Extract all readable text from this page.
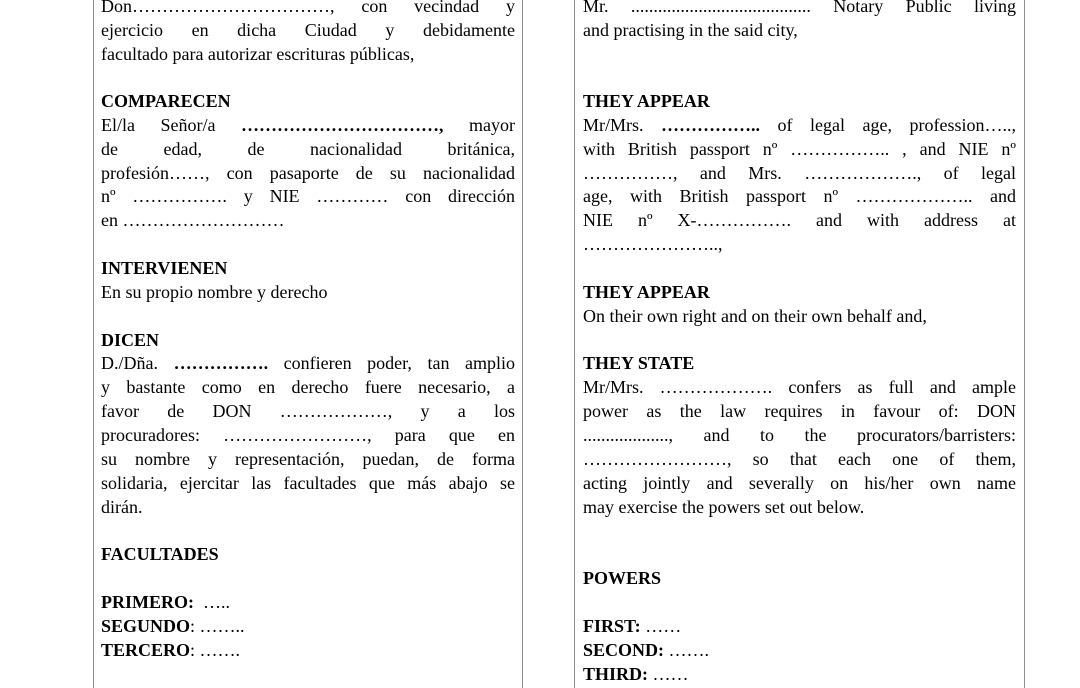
Don……………………………, con vecindad y
ejercicio en dicha Ciudad y debidamente
facultado para autorizar escrituras públicas,
COMPARECEN
El/la Señor/a ……………………………, mayor
de edad, de nacionalidad británica,
profesión……, con pasaporte de su nacionalidad
nº ……………. y NIE ………… con dirección
en ………………………
INTERVIENEN
En su propio nombre y derecho
DICEN
D./Dña. ……………. confieren poder, tan amplio
y bastante como en derecho fuere necesario, a
favor de DON ………………, y a los
procuradores: ……………………, para que en
su nombre y representación, puedan, de forma
solidaria, ejercitar las facultades que más abajo se
dirán.
FACULTADES
PRIMERO:  …..
SEGUNDO: ……..
TERCERO: …….
Mr. ........................................ Notary Public living
and practising in the said city,
THEY APPEAR
Mr/Mrs. …………….. of legal age, profession…..,
with British passport nº …………….. , and NIE nº
……………, and Mrs. ………………., of legal
age, with British passport nº ……………….. and
NIE nº X-……………. and with address at
…………………..,
THEY APPEAR
On their own right and on their own behalf and,
THEY STATE
Mr/Mrs. ………………. confers as full and ample
power as the law requires in favour of: DON
..................., and to the procurators/barristers:
……………………, so that each one of them,
acting jointly and severally on his/her own name
may exercise the powers set out below.
POWERS
FIRST: ……
SECOND: …….
THIRD: ……
